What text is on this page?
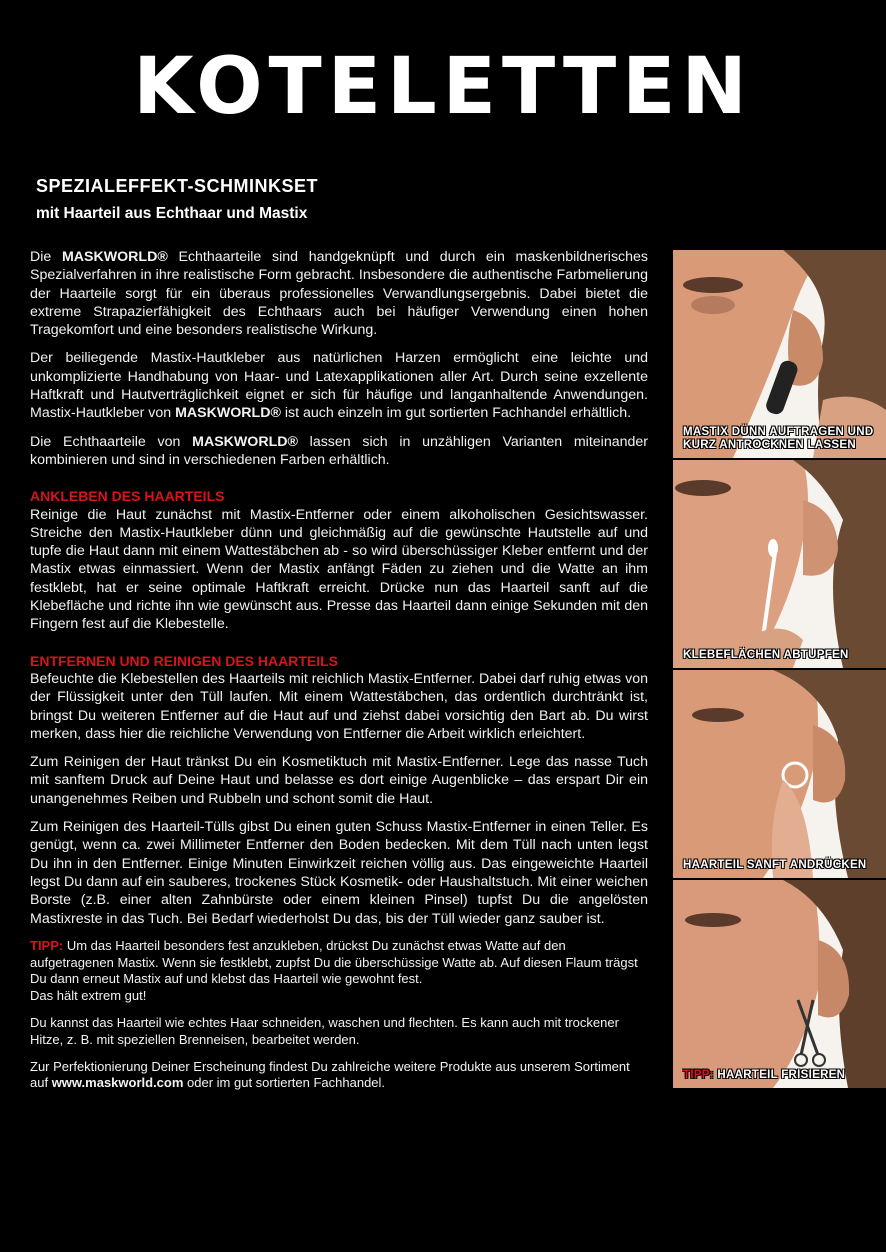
KOTELETTEN
SPEZIALEFFEKT-SCHMINKSET
mit Haarteil aus Echthaar und Mastix

Die MASKWORLD® Echthaarteile sind handgeknüpft und durch ein maskenbildnerisches Spezialverfahren in ihre realistische Form gebracht. Insbesondere die authentische Farbmelierung der Haarteile sorgt für ein überaus professionelles Verwandlungsergebnis. Dabei bietet die extreme Strapazierfähigkeit des Echthaars auch bei häufiger Verwendung einen hohen Tragekomfort und eine besonders realistische Wirkung.

Der beiliegende Mastix-Hautkleber aus natürlichen Harzen ermöglicht eine leichte und unkomplizierte Handhabung von Haar- und Latexapplikationen aller Art. Durch seine exzellente Haftkraft und Hautverträglichkeit eignet er sich für häufige und langanhaltende Anwendungen. Mastix-Hautkleber von MASKWORLD® ist auch einzeln im gut sortierten Fachhandel erhältlich.

Die Echthaarteile von MASKWORLD® lassen sich in unzähligen Varianten miteinander kombinieren und sind in verschiedenen Farben erhältlich.

ANKLEBEN DES HAARTEILS

Reinige die Haut zunächst mit Mastix-Entferner oder einem alkoholischen Gesichtswasser. Streiche den Mastix-Hautkleber dünn und gleichmäßig auf die gewünschte Hautstelle auf und tupfe die Haut dann mit einem Wattestäbchen ab - so wird überschüssiger Kleber entfernt und der Mastix etwas einmassiert. Wenn der Mastix anfängt Fäden zu ziehen und die Watte an ihm festklebt, hat er seine optimale Haftkraft erreicht. Drücke nun das Haarteil sanft auf die Klebefläche und richte ihn wie gewünscht aus. Presse das Haarteil dann einige Sekunden mit den Fingern fest auf die Klebestelle.

ENTFERNEN UND REINIGEN DES HAARTEILS

Befeuchte die Klebestellen des Haarteils mit reichlich Mastix-Entferner. Dabei darf ruhig etwas von der Flüssigkeit unter den Tüll laufen. Mit einem Wattestäbchen, das ordentlich durchtränkt ist, bringst Du weiteren Entferner auf die Haut auf und ziehst dabei vorsichtig den Bart ab. Du wirst merken, dass hier die reichliche Verwendung von Entferner die Arbeit wirklich erleichtert.

Zum Reinigen der Haut tränkst Du ein Kosmetiktuch mit Mastix-Entferner. Lege das nasse Tuch mit sanftem Druck auf Deine Haut und belasse es dort einige Augenblicke – das erspart Dir ein unangenehmes Reiben und Rubbeln und schont somit die Haut.

Zum Reinigen des Haarteil-Tülls gibst Du einen guten Schuss Mastix-Entferner in einen Teller. Es genügt, wenn ca. zwei Millimeter Entferner den Boden bedecken. Mit dem Tüll nach unten legst Du ihn in den Entferner. Einige Minuten Einwirkzeit reichen völlig aus. Das eingeweichte Haarteil legst Du dann auf ein sauberes, trockenes Stück Kosmetik- oder Haushaltstuch. Mit einer weichen Borste (z.B. einer alten Zahnbürste oder einem kleinen Pinsel) tupfst Du die angelösten Mastixreste in das Tuch. Bei Bedarf wiederholst Du das, bis der Tüll wieder ganz sauber ist.

TIPP: Um das Haarteil besonders fest anzukleben, drückst Du zunächst etwas Watte auf den aufgetragenen Mastix. Wenn sie festklebt, zupfst Du die überschüssige Watte ab. Auf diesen Flaum trägst Du dann erneut Mastix auf und klebst das Haarteil wie gewohnt fest.
Das hält extrem gut!

Du kannst das Haarteil wie echtes Haar schneiden, waschen und flechten. Es kann auch mit trockener Hitze, z. B. mit speziellen Brenneisen, bearbeitet werden.

Zur Perfektionierung Deiner Erscheinung findest Du zahlreiche weitere Produkte aus unserem Sortiment auf www.maskworld.com oder im gut sortierten Fachhandel.

MASTIX DÜNN AUFTRAGEN UND
KURZ ANTROCKNEN LASSEN
KLEBEFLÄCHEN ABTUPFEN
HAARTEIL SANFT ANDRÜCKEN
TIPP: HAARTEIL FRISIEREN
